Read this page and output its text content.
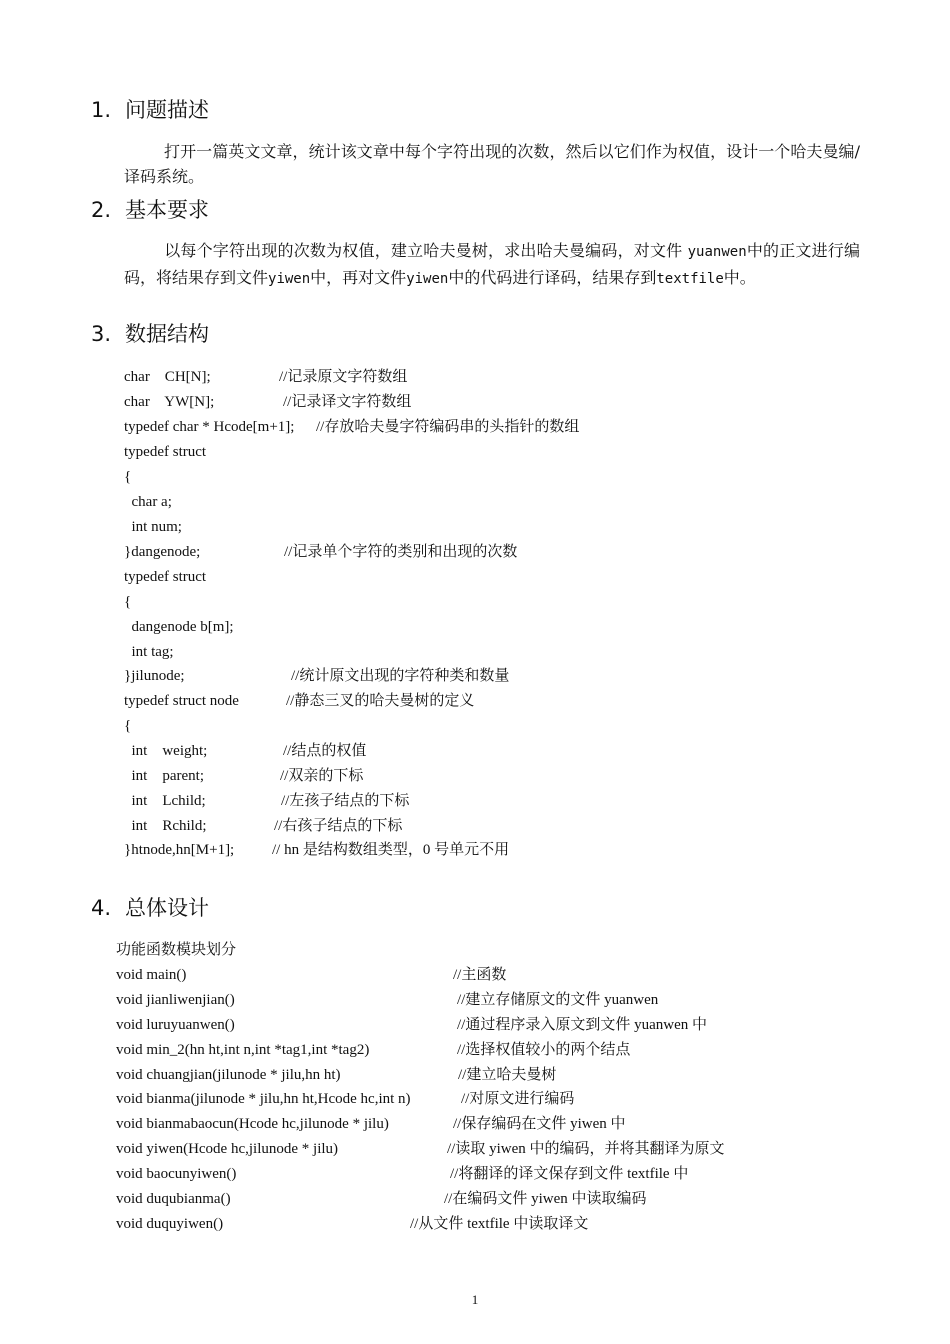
1. 问题描述

打开一篇英文文章，统计该文章中每个字符出现的次数，然后以它们作为权值，设计一个哈夫曼编/译码系统。

2. 基本要求

以每个字符出现的次数为权值，建立哈夫曼树，求出哈夫曼编码，对文件 yuanwen中的正文进行编码，将结果存到文件yiwen中，再对文件yiwen中的代码进行译码，结果存到textfile中。

3. 数据结构
char    CH[N];	//记录原文字符数组
char    YW[N];	//记录译文字符数组
typedef char * Hcode[m+1]; //存放哈夫曼字符编码串的头指针的数组
typedef struct
{
char a;
int num;
}dangenode;	//记录单个字符的类别和出现的次数
typedef struct
{
dangenode b[m];
int tag;
}jilunode;	//统计原文出现的字符种类和数量
typedef struct node	//静态三叉的哈夫曼树的定义
{
int    weight;	//结点的权值
int    parent;	//双亲的下标
int    Lchild;	//左孩子结点的下标
int    Rchild;	//右孩子结点的下标
}htnode,hn[M+1];	// hn 是结构数组类型，0 号单元不用
4. 总体设计
功能函数模块划分
void main()	//主函数
void jianliwenjian()	//建立存储原文的文件 yuanwen
void luruyuanwen()	//通过程序录入原文到文件 yuanwen 中
void min_2(hn ht,int n,int *tag1,int *tag2)	//选择权值较小的两个结点
void chuangjian(jilunode * jilu,hn ht)	//建立哈夫曼树
void bianma(jilunode * jilu,hn ht,Hcode hc,int n)	//对原文进行编码
void bianmabaocun(Hcode hc,jilunode * jilu)	//保存编码在文件 yiwen 中
void yiwen(Hcode hc,jilunode * jilu)	//读取 yiwen 中的编码，并将其翻译为原文
void baocunyiwen()	//将翻译的译文保存到文件 textfile 中
void duqubianma()	//在编码文件 yiwen 中读取编码
void duquyiwen()	//从文件 textfile 中读取译文
1
